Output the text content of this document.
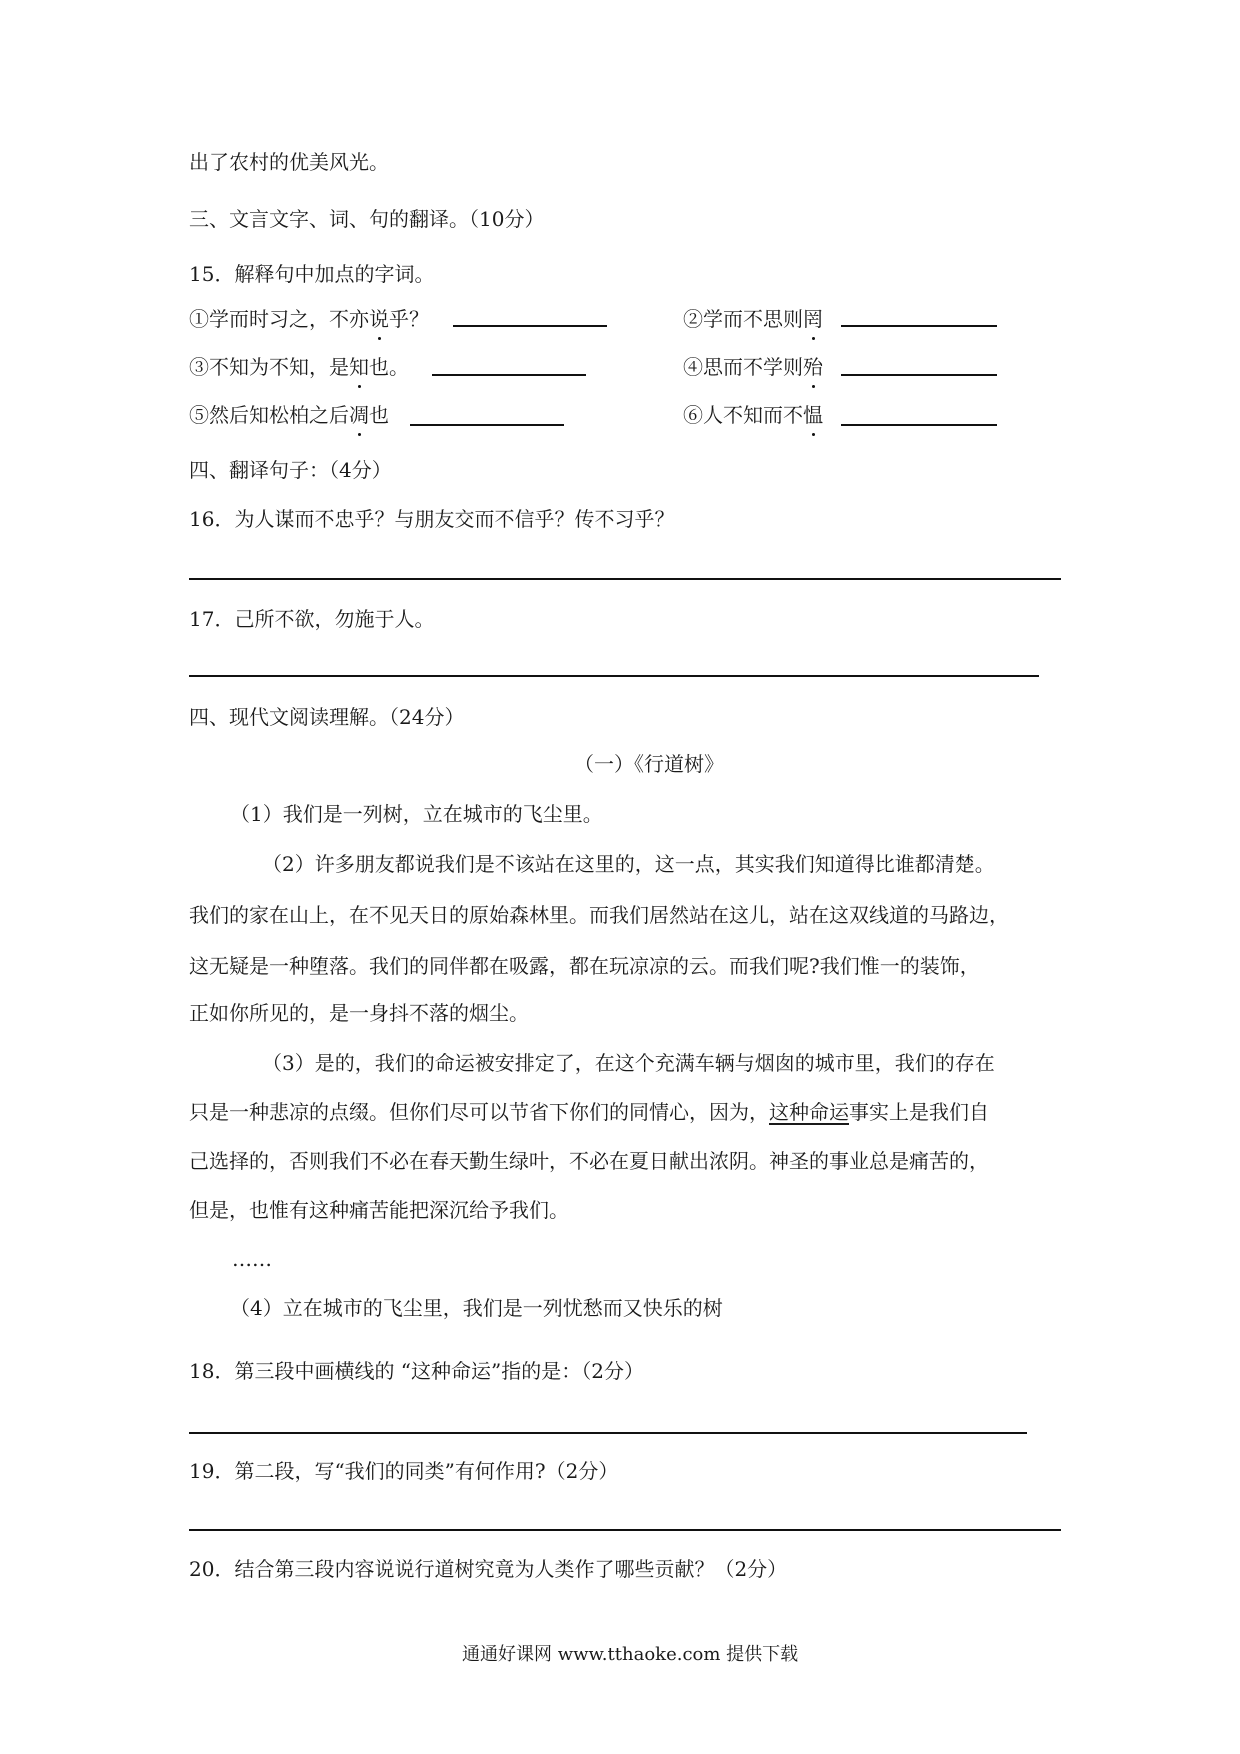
出了农村的优美风光。
三、文言文字、词、句的翻译。（10分）
15．解释句中加点的字词。
①学而时习之，不亦说乎？	②学而不思则罔
③不知为不知，是知也。	④思而不学则殆
⑤然后知松柏之后凋也	⑥人不知而不愠
四、翻译句子：（4分）
16．为人谋而不忠乎？与朋友交而不信乎？传不习乎？
17．己所不欲，勿施于人。
四、现代文阅读理解。（24分）
（一）《行道树》
（1）我们是一列树，立在城市的飞尘里。
（2）许多朋友都说我们是不该站在这里的，这一点，其实我们知道得比谁都清楚。
我们的家在山上，在不见天日的原始森林里。而我们居然站在这儿，站在这双线道的马路边，
这无疑是一种堕落。我们的同伴都在吸露，都在玩凉凉的云。而我们呢?我们惟一的装饰，
正如你所见的，是一身抖不落的烟尘。
（3）是的，我们的命运被安排定了，在这个充满车辆与烟囱的城市里，我们的存在
只是一种悲凉的点缀。但你们尽可以节省下你们的同情心，因为，这种命运事实上是我们自
己选择的，否则我们不必在春天勤生绿叶，不必在夏日献出浓阴。神圣的事业总是痛苦的，
但是，也惟有这种痛苦能把深沉给予我们。
……
（4）立在城市的飞尘里，我们是一列忧愁而又快乐的树
18．第三段中画横线的 “这种命运”指的是：（2分）
19．第二段，写“我们的同类”有何作用?（2分）
20．结合第三段内容说说行道树究竟为人类作了哪些贡献？（2分）
通通好课网 www.tthaoke.com 提供下载
